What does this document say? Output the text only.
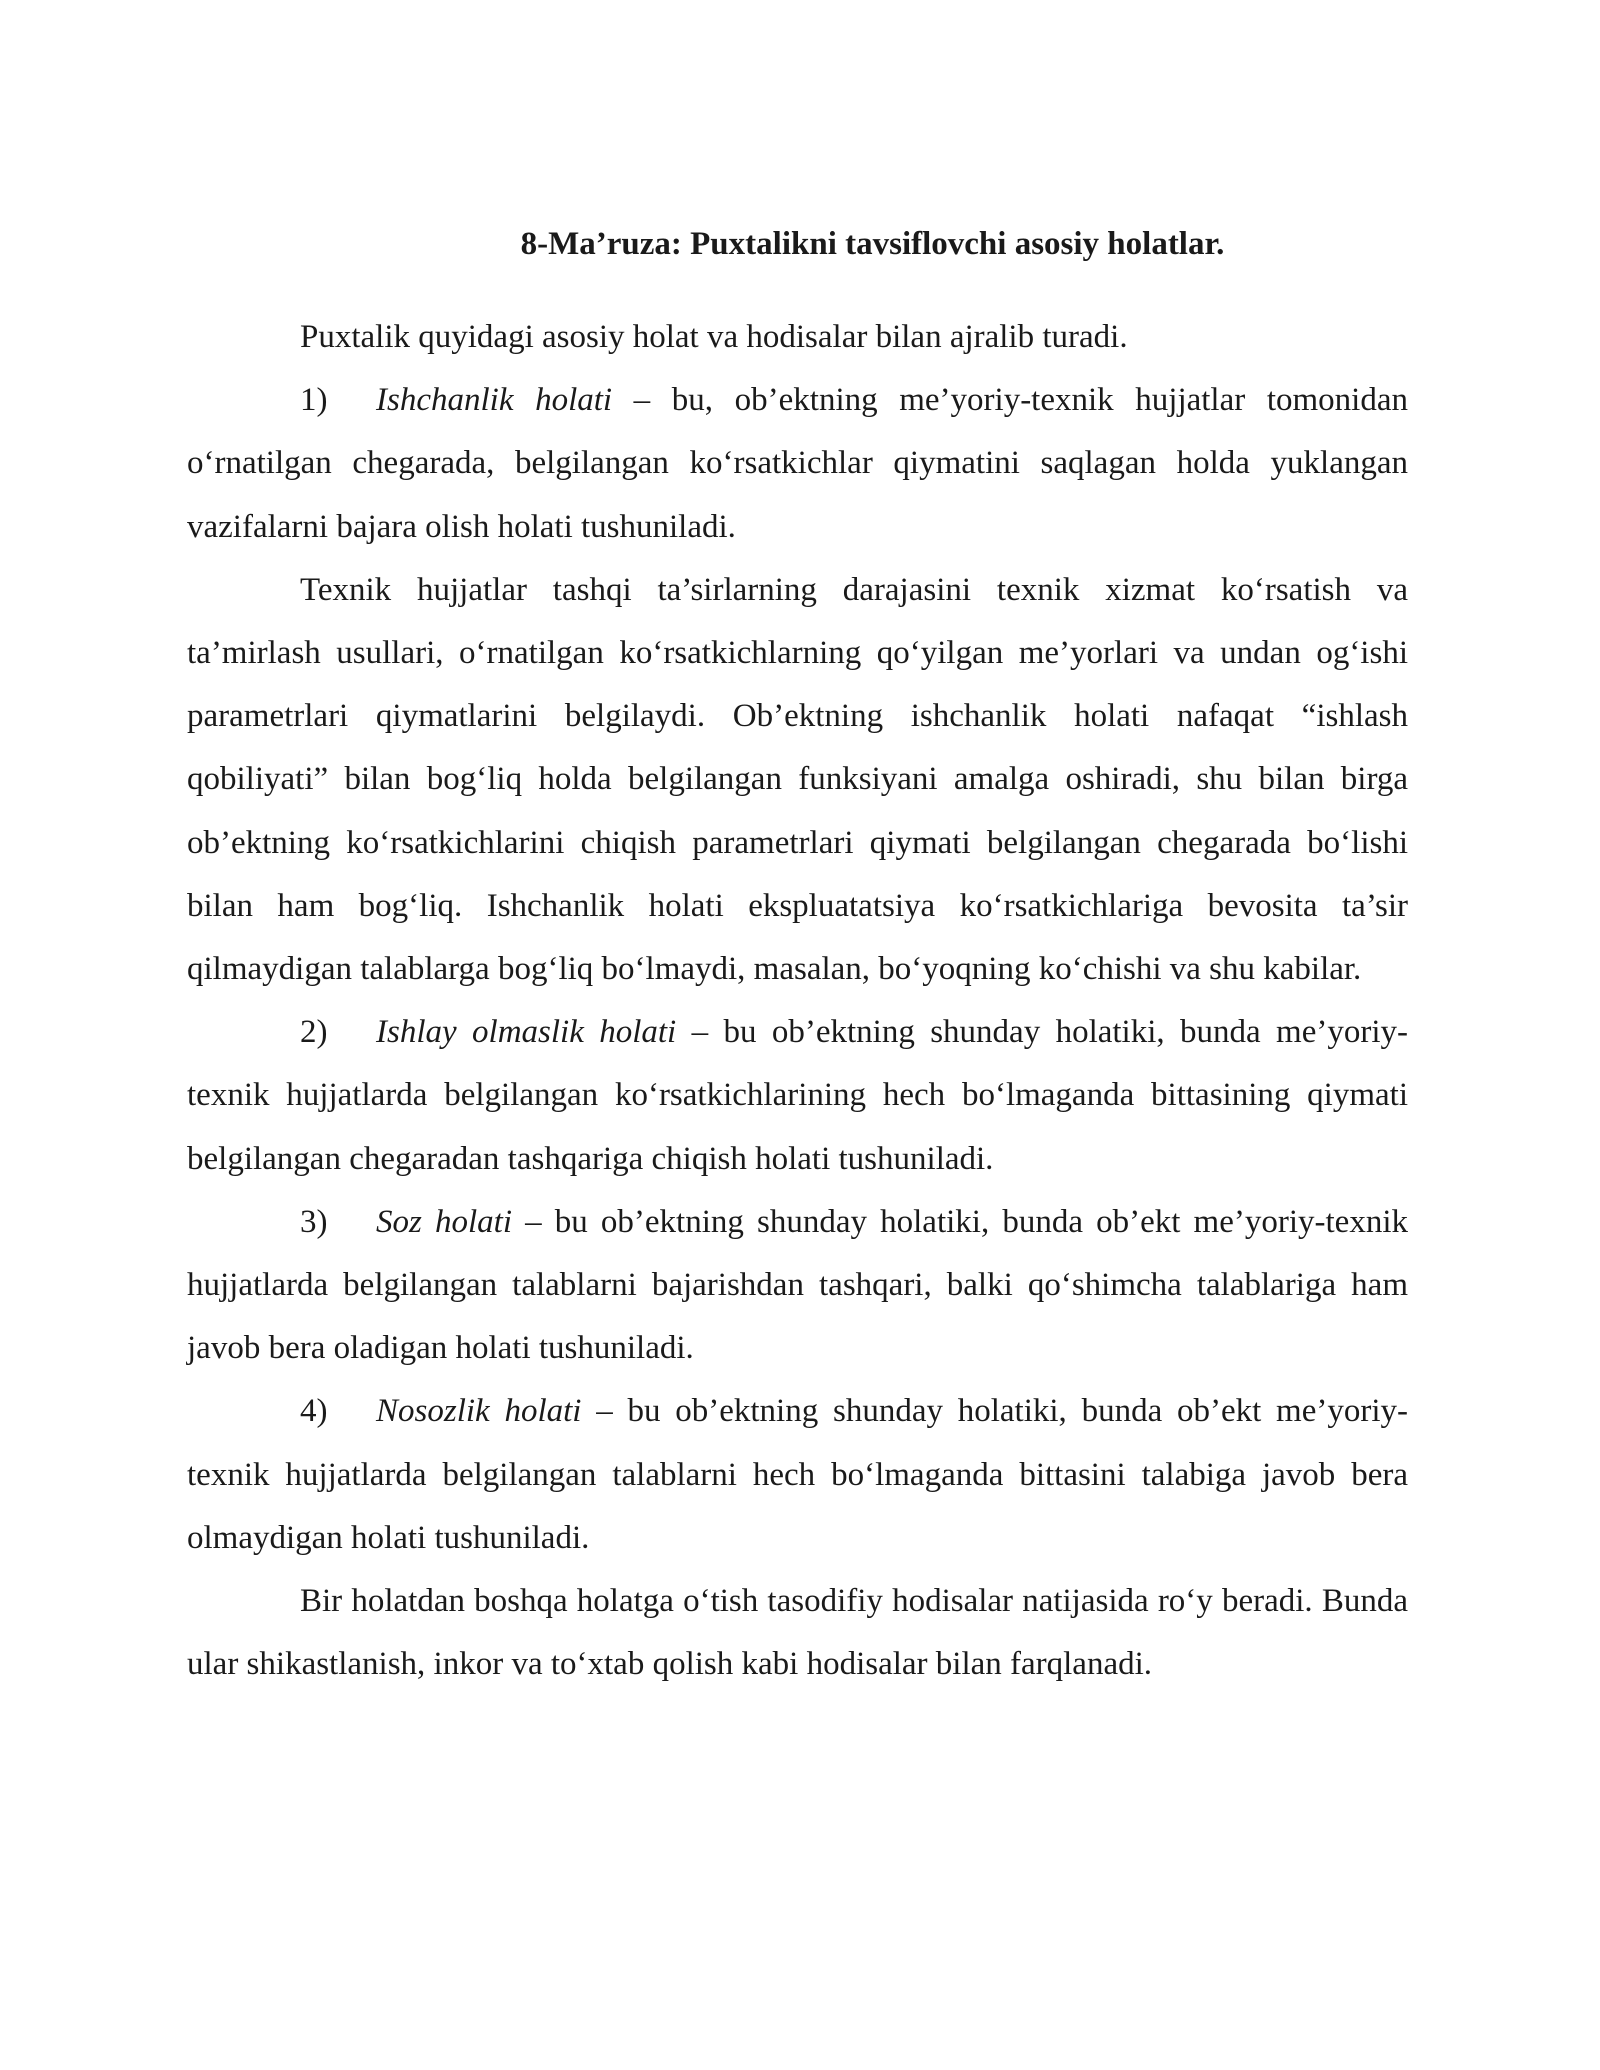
8-Ma’ruza: Puxtalikni tavsiflovchi asosiy holatlar.

Puxtalik quyidagi asosiy holat va hodisalar bilan ajralib turadi.

1) Ishchanlik holati – bu, ob’ektning me’yoriy-texnik hujjatlar tomonidan o‘rnatilgan chegarada, belgilangan ko‘rsatkichlar qiymatini saqlagan holda yuklangan vazifalarni bajara olish holati tushuniladi.

Texnik hujjatlar tashqi ta’sirlarning darajasini texnik xizmat ko‘rsatish va ta’mirlash usullari, o‘rnatilgan ko‘rsatkichlarning qo‘yilgan me’yorlari va undan og‘ishi parametrlari qiymatlarini belgilaydi. Ob’ektning ishchanlik holati nafaqat “ishlash qobiliyati” bilan bog‘liq holda belgilangan funksiyani amalga oshiradi, shu bilan birga ob’ektning ko‘rsatkichlarini chiqish parametrlari qiymati belgilangan chegarada bo‘lishi bilan ham bog‘liq. Ishchanlik holati ekspluatatsiya ko‘rsatkichlariga bevosita ta’sir qilmaydigan talablarga bog‘liq bo‘lmaydi, masalan, bo‘yoqning ko‘chishi va shu kabilar.

2) Ishlay olmaslik holati – bu ob’ektning shunday holatiki, bunda me’yoriy-texnik hujjatlarda belgilangan ko‘rsatkichlarining hech bo‘lmaganda bittasining qiymati belgilangan chegaradan tashqariga chiqish holati tushuniladi.

3) Soz holati – bu ob’ektning shunday holatiki, bunda ob’ekt me’yoriy-texnik hujjatlarda belgilangan talablarni bajarishdan tashqari, balki qo‘shimcha talablariga ham javob bera oladigan holati tushuniladi.

4) Nosozlik holati – bu ob’ektning shunday holatiki, bunda ob’ekt me’yoriy-texnik hujjatlarda belgilangan talablarni hech bo‘lmaganda bittasini talabiga javob bera olmaydigan holati tushuniladi.

Bir holatdan boshqa holatga o‘tish tasodifiy hodisalar natijasida ro‘y beradi. Bunda ular shikastlanish, inkor va to‘xtab qolish kabi hodisalar bilan farqlanadi.
